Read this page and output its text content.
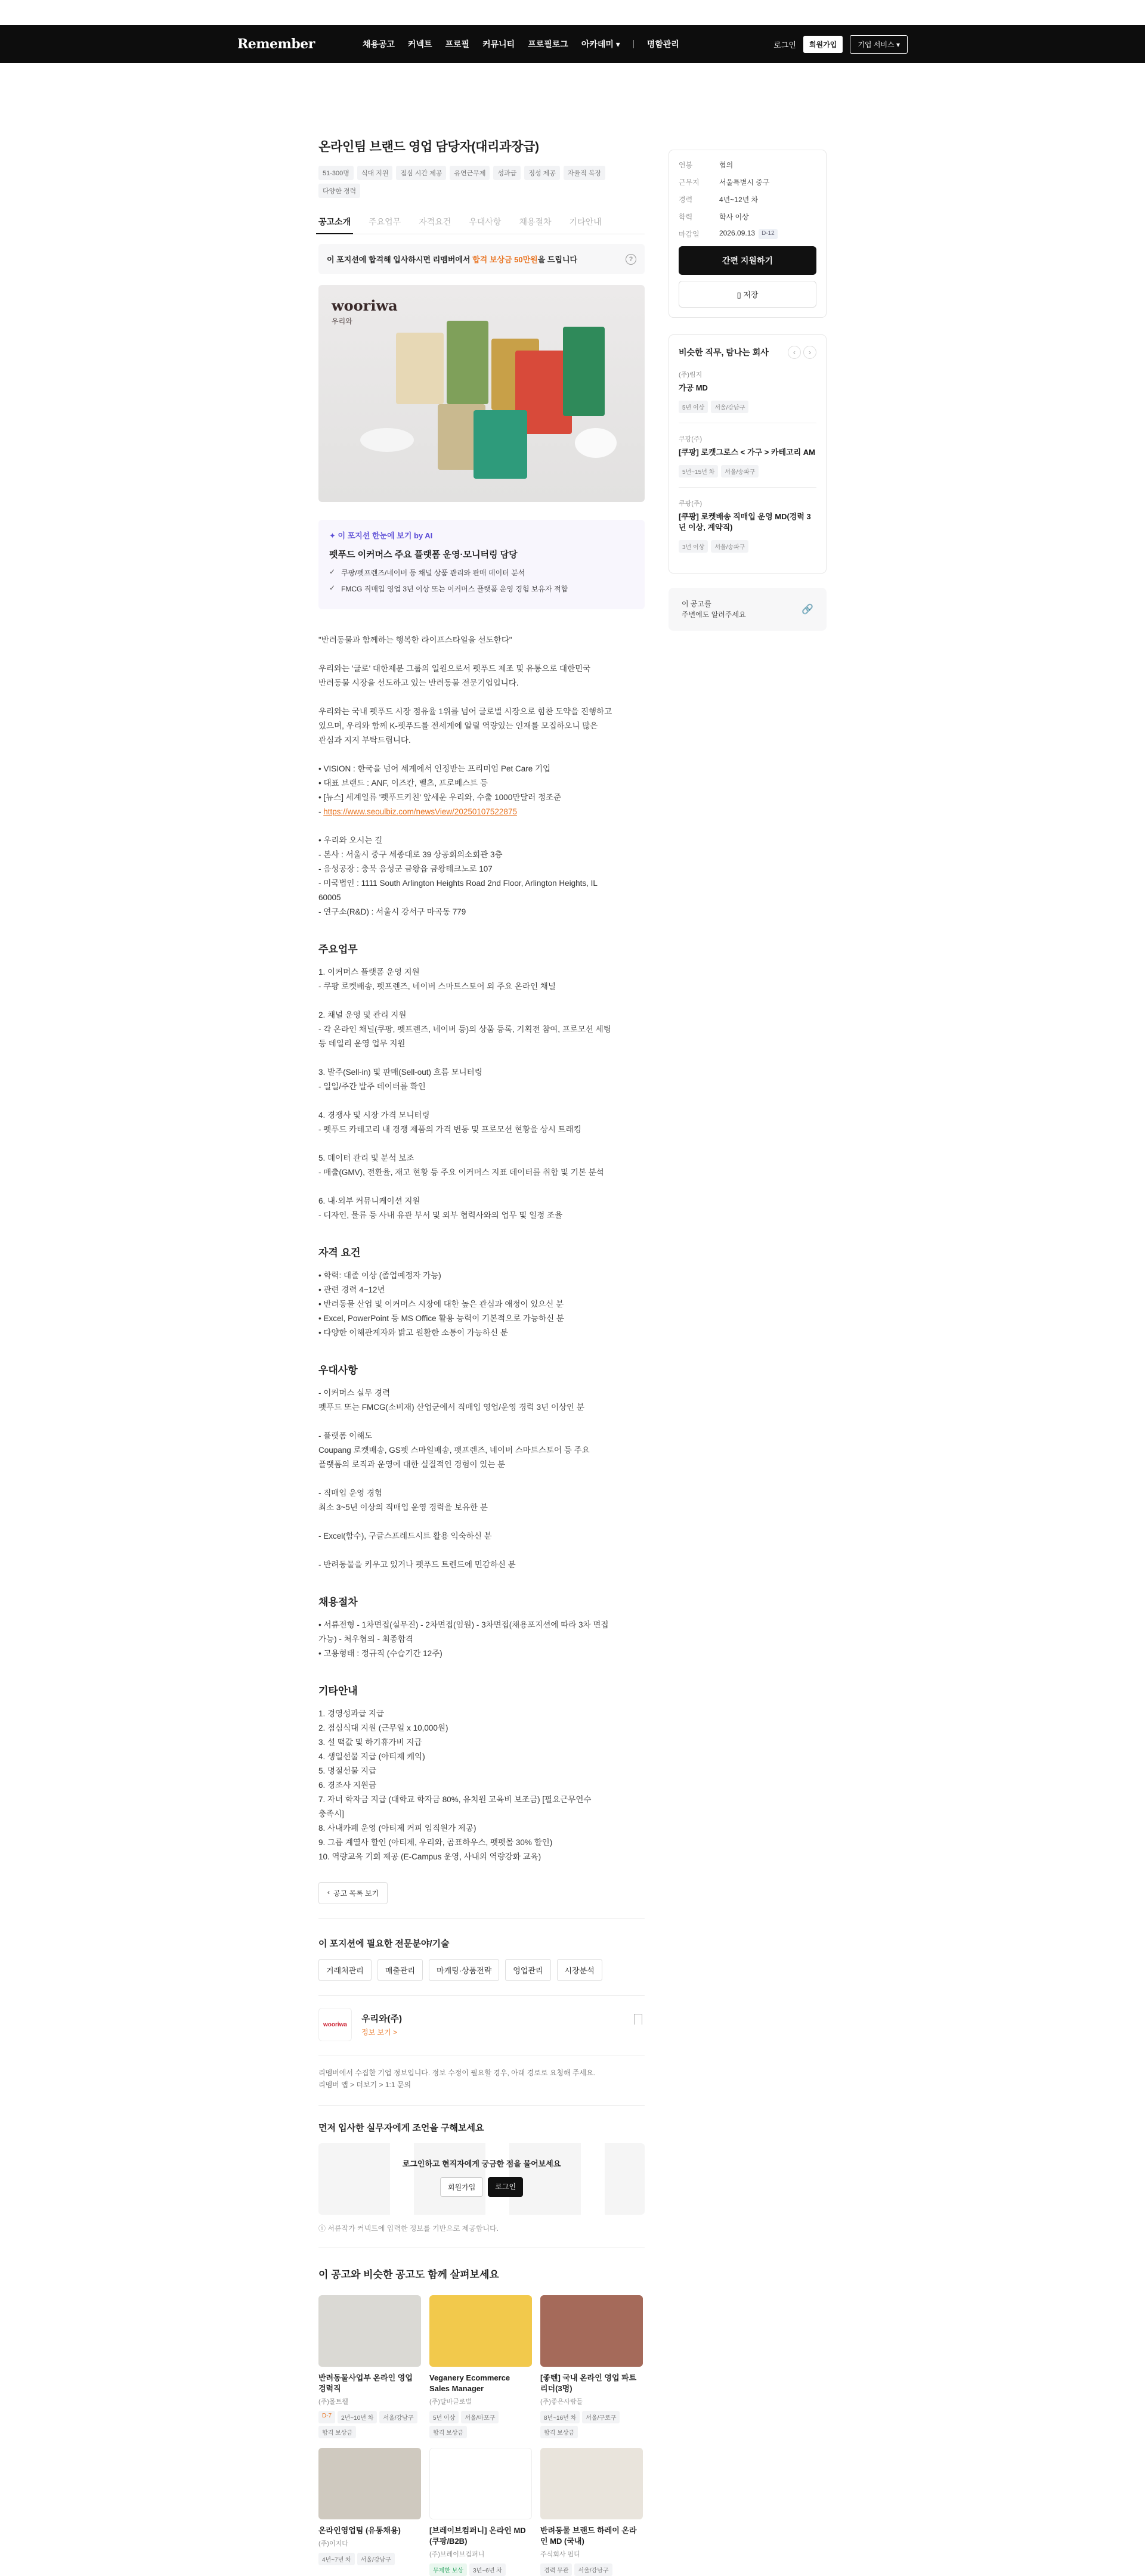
Remember	채용공고 커넥트 프로필 커뮤니티 프로필로그 아카데미 ▾	명함관리	로그인	회원가입	기업 서비스 ▾
온라인팀 브랜드 영업 담당자(대리과장급)
51-300명	식대 지원	점심 시간 제공	유연근무제	성과급	정성 제공	자율적 복장
다양한 경력
공고소개 주요업무 자격요건 우대사항 채용절차 기타안내
이 포지션에 합격해 입사하시면 리멤버에서 합격 보상금 50만원을 드립니다	?
wooriwa
우리와
✦ 이 포지션 한눈에 보기 by AI
펫푸드 이커머스 주요 플랫폼 운영·모니터링 담당
✓ 쿠팡/펫프렌즈/네이버 등 채널 상품 관리와 판매 데이터 분석
✓ FMCG 직매입 영업 3년 이상 또는 이커머스 플랫폼 운영 경험 보유자 적합
"반려동물과 함께하는 행복한 라이프스타일을 선도한다"

우리와는 '글로' 대한제분 그룹의 일원으로서 펫푸드 제조 및 유통으로 대한민국
반려동물 시장을 선도하고 있는 반려동물 전문기업입니다.

우리와는 국내 펫푸드 시장 점유율 1위를 넘어 글로벌 시장으로 힘찬 도약을 진행하고
있으며, 우리와 함께 K-펫푸드를 전세계에 알릴 역량있는 인재를 모집하오니 많은
관심과 지지 부탁드립니다.

• VISION : 한국을 넘어 세계에서 인정받는 프리미엄 Pet Care 기업
• 대표 브랜드 : ANF, 이즈칸, 벨츠, 프로베스트 등
• [뉴스] 세계일류 '펫푸드키친' 앞세운 우리와, 수출 1000만달러 정조준
- https://www.seoulbiz.com/newsView/20250107522875

• 우리와 오시는 길
- 본사 : 서울시 중구 세종대로 39 상공회의소회관 3층
- 음성공장 : 충북 음성군 금왕읍 금왕테크노로 107
- 미국법인 : 1111 South Arlington Heights Road 2nd Floor, Arlington Heights, IL
60005
- 연구소(R&D) : 서울시 강서구 마곡동 779
주요업무
1. 이커머스 플랫폼 운영 지원
- 쿠팡 로켓배송, 펫프렌즈, 네이버 스마트스토어 외 주요 온라인 채널

2. 채널 운영 및 관리 지원
- 각 온라인 채널(쿠팡, 펫프렌즈, 네이버 등)의 상품 등록, 기획전 참여, 프로모션 세팅
등 데일리 운영 업무 지원

3. 발주(Sell-in) 및 판매(Sell-out) 흐름 모니터링
- 일일/주간 발주 데이터를 확인

4. 경쟁사 및 시장 가격 모니터링
- 펫푸드 카테고리 내 경쟁 제품의 가격 변동 및 프로모션 현황을 상시 트래킹

5. 데이터 관리 및 분석 보조
- 매출(GMV), 전환율, 재고 현황 등 주요 이커머스 지표 데이터를 취합 및 기본 분석

6. 내·외부 커뮤니케이션 지원
- 디자인, 물류 등 사내 유관 부서 및 외부 협력사와의 업무 및 일정 조율
자격 요건
• 학력: 대졸 이상 (졸업예정자 가능)
• 관련 경력 4~12년
• 반려동물 산업 및 이커머스 시장에 대한 높은 관심과 애정이 있으신 분
• Excel, PowerPoint 등 MS Office 활용 능력이 기본적으로 가능하신 분
• 다양한 이해관계자와 밝고 원활한 소통이 가능하신 분
우대사항
- 이커머스 실무 경력
펫푸드 또는 FMCG(소비재) 산업군에서 직매입 영업/운영 경력 3년 이상인 분

- 플랫폼 이해도
Coupang 로켓배송, GS펫 스마일배송, 펫프렌즈, 네이버 스마트스토어 등 주요
플랫폼의 로직과 운영에 대한 실질적인 경험이 있는 분

- 직매입 운영 경험
최소 3~5년 이상의 직매입 운영 경력을 보유한 분

- Excel(함수), 구글스프레드시트 활용 익숙하신 분

- 반려동물을 키우고 있거나 펫푸드 트렌드에 민감하신 분
채용절차
• 서류전형 - 1차면접(실무진) - 2차면접(임원) - 3차면접(채용포지션에 따라 3차 면접
가능) - 처우협의 - 최종합격
• 고용형태 : 정규직 (수습기간 12주)
기타안내
1. 경영성과급 지급
2. 점심식대 지원 (근무일 x 10,000원)
3. 설 떡값 및 하기휴가비 지급
4. 생일선물 지급 (아티제 케익)
5. 명절선물 지급
6. 경조사 지원금
7. 자녀 학자금 지급 (대학교 학자금 80%, 유치원 교육비 보조금) [필요근무연수
충족시]
8. 사내카페 운영 (아티제 커피 임직원가 제공)
9. 그룹 계열사 할인 (아티제, 우리와, 곰표하우스, 펫펫몰 30% 할인)
10. 역량교육 기회 제공 (E-Campus 운영, 사내외 역량강화 교육)
‹ 공고 목록 보기
이 포지션에 필요한 전문분야/기술
거래처관리	매출관리	마케팅·상품전략	영업관리	시장분석
wooriwa
우리와(주)
정보 보기 >
리멤버에서 수집한 기업 정보입니다. 정보 수정이 필요할 경우, 아래 경로로 요청해 주세요.
리멤버 앱 > 더보기 > 1:1 문의
먼저 입사한 실무자에게 조언을 구해보세요
로그인하고 현직자에게 궁금한 점을 물어보세요
회원가입	로그인
ⓘ 서류작가 커넥트에 입력한 정보를 기반으로 제공합니다.
이 공고와 비슷한 공고도 함께 살펴보세요
반려동물사업부 온라인 영업 경력직
(주)몰트웰
D-7	2년~10년 차	서울/강남구
합격 보상금
Veganery Ecommerce Sales Manager
(주)달바글로벌
5년 이상	서울/마포구
합격 보상금
[좋텐] 국내 온라인 영업 파트 리더(3명)
(주)좋은사람들
8년~16년 차	서울/구로구
합격 보상금
온라인영업팀 (유통채용)
(주)이지다
4년~7년 차	서울/강남구
[브레이브컴퍼니] 온라인 MD (쿠팡/B2B)
(주)브레이브컴퍼니
무제한 보상	3년~6년 차
반려동물 브랜드 하레이 온라인 MD (국내)
주식회사 펍디
경력 무관	서울/강남구
연봉	협의
근무지	서울특별시 중구
경력	4년~12년 차
학력	학사 이상
마감일	2026.09.13	D-12
간편 지원하기
▯ 저장
비슷한 직무, 탐나는 회사	‹	›
(주)림지
가공 MD
5년 이상	서울/강남구
쿠팡(주)
[쿠팡] 로켓그로스 < 가구 > 카테고리 AM
5년~15년 차	서울/송파구
쿠팡(주)
[쿠팡] 로켓배송 직매입 운영 MD(경력 3년 이상, 계약직)
3년 이상	서울/송파구
이 공고를
주변에도 알려주세요	🔗
